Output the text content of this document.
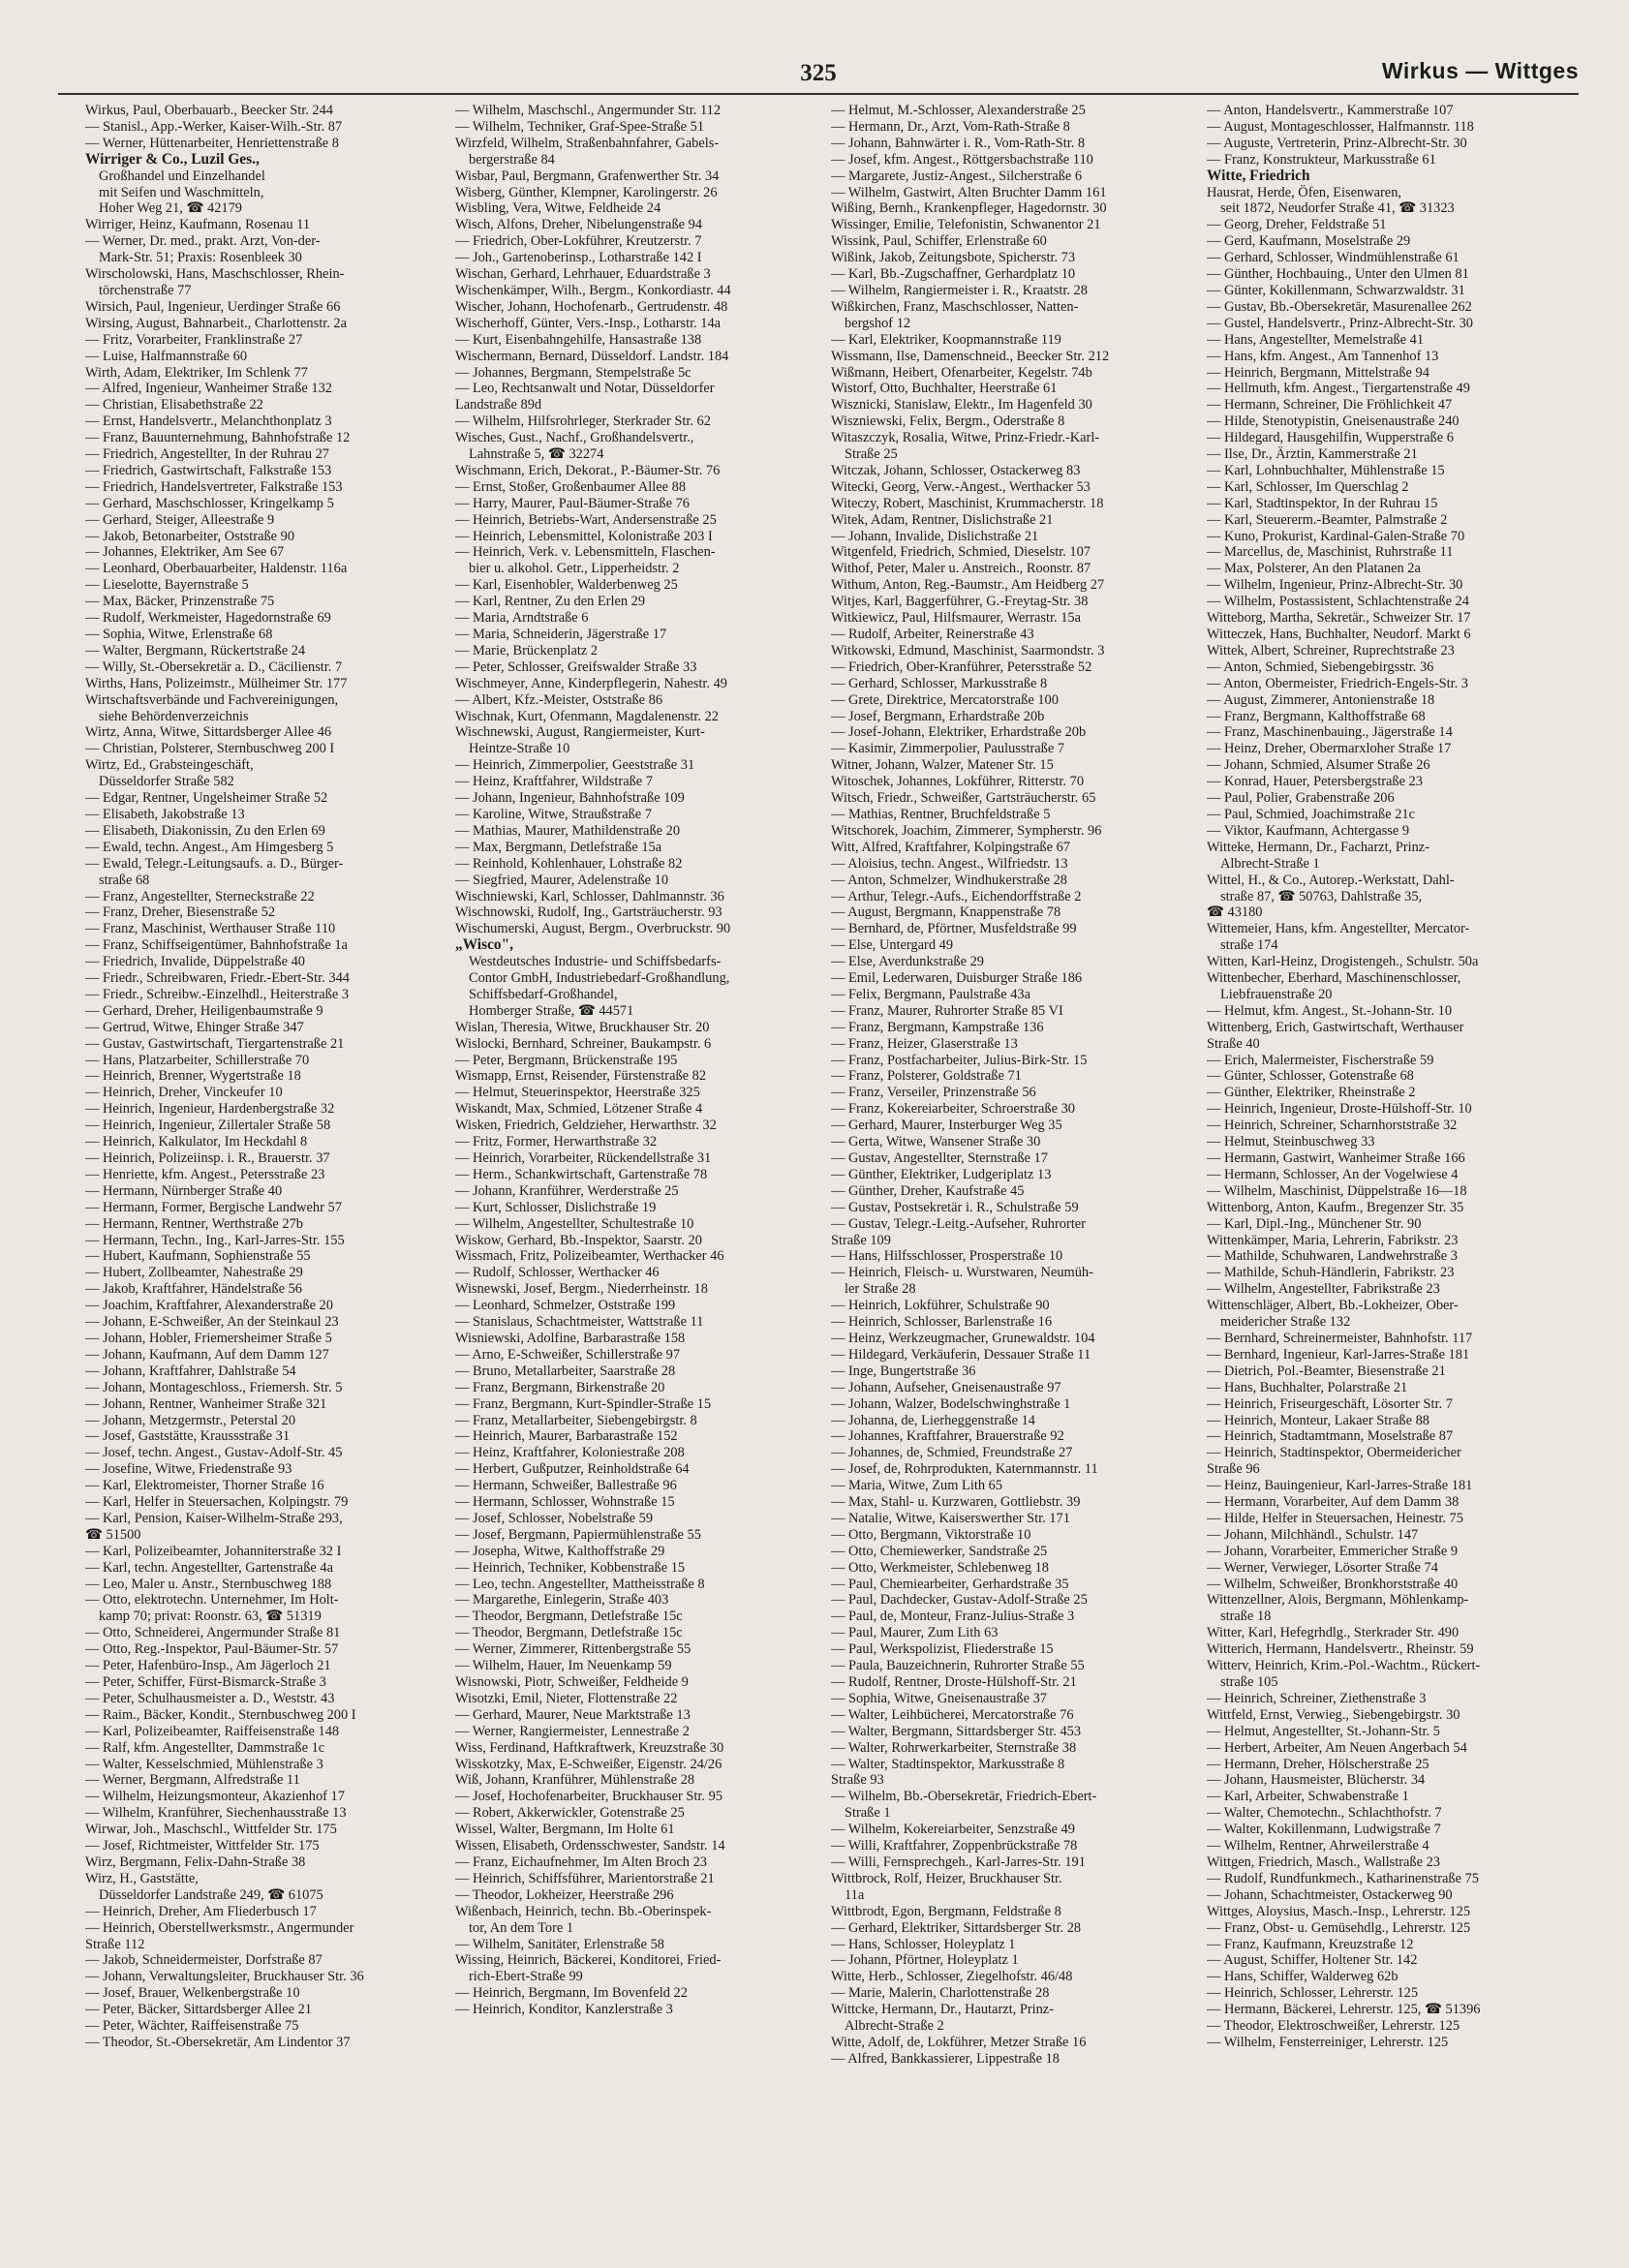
325	Wirkus — Wittges
Wirkus, Paul, Oberbauarb., Beecker Str. 244
— Stanisl., App.-Werker, Kaiser-Wilh.-Str. 87
— Werner, Hüttenarbeiter, Henriettenstraße 8
Wirriger & Co., Luzil Ges.,
Großhandel und Einzelhandel
mit Seifen und Waschmitteln,
Hoher Weg 21, ☎ 42179
Wirriger, Heinz, Kaufmann, Rosenau 11
— Werner, Dr. med., prakt. Arzt, Von-der-
Mark-Str. 51; Praxis: Rosenbleek 30
Wirscholowski, Hans, Maschschlosser, Rhein-
törchenstraße 77
Wirsich, Paul, Ingenieur, Uerdinger Straße 66
Wirsing, August, Bahnarbeit., Charlottenstr. 2a
— Fritz, Vorarbeiter, Franklinstraße 27
— Luise, Halfmannstraße 60
Wirth, Adam, Elektriker, Im Schlenk 77
— Alfred, Ingenieur, Wanheimer Straße 132
— Christian, Elisabethstraße 22
— Ernst, Handelsvertr., Melanchthonplatz 3
— Franz, Bauunternehmung, Bahnhofstraße 12
— Friedrich, Angestellter, In der Ruhrau 27
— Friedrich, Gastwirtschaft, Falkstraße 153
— Friedrich, Handelsvertreter, Falkstraße 153
— Gerhard, Maschschlosser, Kringelkamp 5
— Gerhard, Steiger, Alleestraße 9
— Jakob, Betonarbeiter, Oststraße 90
— Johannes, Elektriker, Am See 67
— Leonhard, Oberbauarbeiter, Haldenstr. 116a
— Lieselotte, Bayernstraße 5
— Max, Bäcker, Prinzenstraße 75
— Rudolf, Werkmeister, Hagedornstraße 69
— Sophia, Witwe, Erlenstraße 68
— Walter, Bergmann, Rückertstraße 24
— Willy, St.-Obersekretär a. D., Cäcilienstr. 7
Wirths, Hans, Polizeimstr., Mülheimer Str. 177
Wirtschaftsverbände und Fachvereinigungen,
siehe Behördenverzeichnis
Wirtz, Anna, Witwe, Sittardsberger Allee 46
— Christian, Polsterer, Sternbuschweg 200 I
Wirtz, Ed., Grabsteingeschäft,
Düsseldorfer Straße 582
— Edgar, Rentner, Ungelsheimer Straße 52
— Elisabeth, Jakobstraße 13
— Elisabeth, Diakonissin, Zu den Erlen 69
— Ewald, techn. Angest., Am Himgesberg 5
— Ewald, Telegr.-Leitungsaufs. a. D., Bürger-
straße 68
— Franz, Angestellter, Sterneckstraße 22
— Franz, Dreher, Biesenstraße 52
— Franz, Maschinist, Werthauser Straße 110
— Franz, Schiffseigentümer, Bahnhofstraße 1a
— Friedrich, Invalide, Düppelstraße 40
— Friedr., Schreibwaren, Friedr.-Ebert-Str. 344
— Friedr., Schreibw.-Einzelhdl., Heiterstraße 3
— Gerhard, Dreher, Heiligenbaumstraße 9
— Gertrud, Witwe, Ehinger Straße 347
— Gustav, Gastwirtschaft, Tiergartenstraße 21
— Hans, Platzarbeiter, Schillerstraße 70
— Heinrich, Brenner, Wygertstraße 18
— Heinrich, Dreher, Vinckeufer 10
— Heinrich, Ingenieur, Hardenbergstraße 32
— Heinrich, Ingenieur, Zillertaler Straße 58
— Heinrich, Kalkulator, Im Heckdahl 8
— Heinrich, Polizeiinsp. i. R., Brauerstr. 37
— Henriette, kfm. Angest., Petersstraße 23
— Hermann, Nürnberger Straße 40
— Hermann, Former, Bergische Landwehr 57
— Hermann, Rentner, Werthstraße 27b
— Hermann, Techn., Ing., Karl-Jarres-Str. 155
— Hubert, Kaufmann, Sophienstraße 55
— Hubert, Zollbeamter, Nahestraße 29
— Jakob, Kraftfahrer, Händelstraße 56
— Joachim, Kraftfahrer, Alexanderstraße 20
— Johann, E-Schweißer, An der Steinkaul 23
— Johann, Hobler, Friemersheimer Straße 5
— Johann, Kaufmann, Auf dem Damm 127
— Johann, Kraftfahrer, Dahlstraße 54
— Johann, Montageschloss., Friemersh. Str. 5
— Johann, Rentner, Wanheimer Straße 321
— Johann, Metzgermstr., Peterstal 20
— Josef, Gaststätte, Kraussstraße 31
— Josef, techn. Angest., Gustav-Adolf-Str. 45
— Josefine, Witwe, Friedenstraße 93
— Karl, Elektromeister, Thorner Straße 16
— Karl, Helfer in Steuersachen, Kolpingstr. 79
— Karl, Pension, Kaiser-Wilhelm-Straße 293,
☎ 51500
— Karl, Polizeibeamter, Johanniterstraße 32 I
— Karl, techn. Angestellter, Gartenstraße 4a
— Leo, Maler u. Anstr., Sternbuschweg 188
— Otto, elektrotechn. Unternehmer, Im Holt-
kamp 70; privat: Roonstr. 63, ☎ 51319
— Otto, Schneiderei, Angermunder Straße 81
— Otto, Reg.-Inspektor, Paul-Bäumer-Str. 57
— Peter, Hafenbüro-Insp., Am Jägerloch 21
— Peter, Schiffer, Fürst-Bismarck-Straße 3
— Peter, Schulhausmeister a. D., Weststr. 43
— Raim., Bäcker, Kondit., Sternbuschweg 200 I
— Karl, Polizeibeamter, Raiffeisenstraße 148
— Ralf, kfm. Angestellter, Dammstraße 1c
— Walter, Kesselschmied, Mühlenstraße 3
— Werner, Bergmann, Alfredstraße 11
— Wilhelm, Heizungsmonteur, Akazienhof 17
— Wilhelm, Kranführer, Siechenhausstraße 13
Wirwar, Joh., Maschschl., Wittfelder Str. 175
— Josef, Richtmeister, Wittfelder Str. 175
Wirz, Bergmann, Felix-Dahn-Straße 38
Wirz, H., Gaststätte,
Düsseldorfer Landstraße 249, ☎ 61075
— Heinrich, Dreher, Am Fliederbusch 17
— Heinrich, Oberstellwerksmstr., Angermunder
Straße 112
— Jakob, Schneidermeister, Dorfstraße 87
— Johann, Verwaltungsleiter, Bruckhauser Str. 36
— Josef, Brauer, Welkenbergstraße 10
— Peter, Bäcker, Sittardsberger Allee 21
— Peter, Wächter, Raiffeisenstraße 75
— Theodor, St.-Obersekretär, Am Lindentor 37
— Wilhelm, Maschschl., Angermunder Str. 112
— Wilhelm, Techniker, Graf-Spee-Straße 51
Wirzfeld, Wilhelm, Straßenbahnfahrer, Gabels-
bergerstraße 84
Wisbar, Paul, Bergmann, Grafenwerther Str. 34
Wisberg, Günther, Klempner, Karolingerstr. 26
Wisbling, Vera, Witwe, Feldheide 24
Wisch, Alfons, Dreher, Nibelungenstraße 94
— Friedrich, Ober-Lokführer, Kreutzerstr. 7
— Joh., Gartenoberinsp., Lotharstraße 142 I
Wischan, Gerhard, Lehrhauer, Eduardstraße 3
Wischenkämper, Wilh., Bergm., Konkordiastr. 44
Wischer, Johann, Hochofenarb., Gertrudenstr. 48
Wischerhoff, Günter, Vers.-Insp., Lotharstr. 14a
— Kurt, Eisenbahngehilfe, Hansastraße 138
Wischermann, Bernard, Düsseldorf. Landstr. 184
— Johannes, Bergmann, Stempelstraße 5c
— Leo, Rechtsanwalt und Notar, Düsseldorfer
Landstraße 89d
— Wilhelm, Hilfsrohrleger, Sterkrader Str. 62
Wisches, Gust., Nachf., Großhandelsvertr.,
Lahnstraße 5, ☎ 32274
Wischmann, Erich, Dekorat., P.-Bäumer-Str. 76
— Ernst, Stoßer, Großenbaumer Allee 88
— Harry, Maurer, Paul-Bäumer-Straße 76
— Heinrich, Betriebs-Wart, Andersenstraße 25
— Heinrich, Lebensmittel, Kolonistraße 203 I
— Heinrich, Verk. v. Lebensmitteln, Flaschen-
bier u. alkohol. Getr., Lipperheidstr. 2
— Karl, Eisenhobler, Walderbenweg 25
— Karl, Rentner, Zu den Erlen 29
— Maria, Arndtstraße 6
— Maria, Schneiderin, Jägerstraße 17
— Marie, Brückenplatz 2
— Peter, Schlosser, Greifswalder Straße 33
Wischmeyer, Anne, Kinderpflegerin, Nahestr. 49
— Albert, Kfz.-Meister, Oststraße 86
Wischnak, Kurt, Ofenmann, Magdalenenstr. 22
Wischnewski, August, Rangiermeister, Kurt-
Heintze-Straße 10
— Heinrich, Zimmerpolier, Geeststraße 31
— Heinz, Kraftfahrer, Wildstraße 7
— Johann, Ingenieur, Bahnhofstraße 109
— Karoline, Witwe, Straußstraße 7
— Mathias, Maurer, Mathildenstraße 20
— Max, Bergmann, Detlefstraße 15a
— Reinhold, Kohlenhauer, Lohstraße 82
— Siegfried, Maurer, Adelenstraße 10
Wischniewski, Karl, Schlosser, Dahlmannstr. 36
Wischnowski, Rudolf, Ing., Gartsträucherstr. 93
Wischumerski, August, Bergm., Overbruckstr. 90
„Wisco",
Westdeutsches Industrie- und Schiffsbedarfs-
Contor GmbH, Industriebedarf-Großhandlung,
Schiffsbedarf-Großhandel,
Homberger Straße, ☎ 44571
Wislan, Theresia, Witwe, Bruckhauser Str. 20
Wislocki, Bernhard, Schreiner, Baukampstr. 6
— Peter, Bergmann, Brückenstraße 195
Wismapp, Ernst, Reisender, Fürstenstraße 82
— Helmut, Steuerinspektor, Heerstraße 325
Wiskandt, Max, Schmied, Lötzener Straße 4
Wisken, Friedrich, Geldzieher, Herwarthstr. 32
— Fritz, Former, Herwarthstraße 32
— Heinrich, Vorarbeiter, Rückendellstraße 31
— Herm., Schankwirtschaft, Gartenstraße 78
— Johann, Kranführer, Werderstraße 25
— Kurt, Schlosser, Dislichstraße 19
— Wilhelm, Angestellter, Schultestraße 10
Wiskow, Gerhard, Bb.-Inspektor, Saarstr. 20
Wissmach, Fritz, Polizeibeamter, Werthacker 46
— Rudolf, Schlosser, Werthacker 46
Wisnewski, Josef, Bergm., Niederrheinstr. 18
— Leonhard, Schmelzer, Oststraße 199
— Stanislaus, Schachtmeister, Wattstraße 11
Wisniewski, Adolfine, Barbarastraße 158
— Arno, E-Schweißer, Schillerstraße 97
— Bruno, Metallarbeiter, Saarstraße 28
— Franz, Bergmann, Birkenstraße 20
— Franz, Bergmann, Kurt-Spindler-Straße 15
— Franz, Metallarbeiter, Siebengebirgstr. 8
— Heinrich, Maurer, Barbarastraße 152
— Heinz, Kraftfahrer, Koloniestraße 208
— Herbert, Gußputzer, Reinholdstraße 64
— Hermann, Schweißer, Ballestraße 96
— Hermann, Schlosser, Wohnstraße 15
— Josef, Schlosser, Nobelstraße 59
— Josef, Bergmann, Papiermühlenstraße 55
— Josepha, Witwe, Kalthoffstraße 29
— Heinrich, Techniker, Kobbenstraße 15
— Leo, techn. Angestellter, Mattheisstraße 8
— Margarethe, Einlegerin, Straße 403
— Theodor, Bergmann, Detlefstraße 15c
— Theodor, Bergmann, Detlefstraße 15c
— Werner, Zimmerer, Rittenbergstraße 55
— Wilhelm, Hauer, Im Neuenkamp 59
Wisnowski, Piotr, Schweißer, Feldheide 9
Wisotzki, Emil, Nieter, Flottenstraße 22
— Gerhard, Maurer, Neue Marktstraße 13
— Werner, Rangiermeister, Lennestraße 2
Wiss, Ferdinand, Haftkraftwerk, Kreuzstraße 30
Wisskotzky, Max, E-Schweißer, Eigenstr. 24/26
Wiß, Johann, Kranführer, Mühlenstraße 28
— Josef, Hochofenarbeiter, Bruckhauser Str. 95
— Robert, Akkerwickler, Gotenstraße 25
Wissel, Walter, Bergmann, Im Holte 61
Wissen, Elisabeth, Ordensschwester, Sandstr. 14
— Franz, Eichaufnehmer, Im Alten Broch 23
— Heinrich, Schiffsführer, Marientorstraße 21
— Theodor, Lokheizer, Heerstraße 296
Wißenbach, Heinrich, techn. Bb.-Oberinspek-
tor, An dem Tore 1
— Wilhelm, Sanitäter, Erlenstraße 58
Wissing, Heinrich, Bäckerei, Konditorei, Fried-
rich-Ebert-Straße 99
— Heinrich, Bergmann, Im Bovenfeld 22
— Heinrich, Konditor, Kanzlerstraße 3
— Helmut, M.-Schlosser, Alexanderstraße 25
— Hermann, Dr., Arzt, Vom-Rath-Straße 8
— Johann, Bahnwärter i. R., Vom-Rath-Str. 8
— Josef, kfm. Angest., Röttgersbachstraße 110
— Margarete, Justiz-Angest., Silcherstraße 6
— Wilhelm, Gastwirt, Alten Bruchter Damm 161
Wißing, Bernh., Krankenpfleger, Hagedornstr. 30
Wissinger, Emilie, Telefonistin, Schwanentor 21
Wissink, Paul, Schiffer, Erlenstraße 60
Wißink, Jakob, Zeitungsbote, Spicherstr. 73
— Karl, Bb.-Zugschaffner, Gerhardplatz 10
— Wilhelm, Rangiermeister i. R., Kraatstr. 28
Wißkirchen, Franz, Maschschlosser, Natten-
bergshof 12
— Karl, Elektriker, Koopmannstraße 119
Wissmann, Ilse, Damenschneid., Beecker Str. 212
Wißmann, Heibert, Ofenarbeiter, Kegelstr. 74b
Wistorf, Otto, Buchhalter, Heerstraße 61
Wisznicki, Stanislaw, Elektr., Im Hagenfeld 30
Wiszniewski, Felix, Bergm., Oderstraße 8
Witaszczyk, Rosalia, Witwe, Prinz-Friedr.-Karl-
Straße 25
Witczak, Johann, Schlosser, Ostackerweg 83
Witecki, Georg, Verw.-Angest., Werthacker 53
Witeczy, Robert, Maschinist, Krummacherstr. 18
Witek, Adam, Rentner, Dislichstraße 21
— Johann, Invalide, Dislichstraße 21
Witgenfeld, Friedrich, Schmied, Dieselstr. 107
Withof, Peter, Maler u. Anstreich., Roonstr. 87
Withum, Anton, Reg.-Baumstr., Am Heidberg 27
Witjes, Karl, Baggerführer, G.-Freytag-Str. 38
Witkiewicz, Paul, Hilfsmaurer, Werrastr. 15a
— Rudolf, Arbeiter, Reinerstraße 43
Witkowski, Edmund, Maschinist, Saarmondstr. 3
— Friedrich, Ober-Kranführer, Petersstraße 52
— Gerhard, Schlosser, Markusstraße 8
— Grete, Direktrice, Mercatorstraße 100
— Josef, Bergmann, Erhardstraße 20b
— Josef-Johann, Elektriker, Erhardstraße 20b
— Kasimir, Zimmerpolier, Paulusstraße 7
Witner, Johann, Walzer, Matener Str. 15
Witoschek, Johannes, Lokführer, Ritterstr. 70
Witsch, Friedr., Schweißer, Gartsträucherstr. 65
— Mathias, Rentner, Bruchfeldstraße 5
Witschorek, Joachim, Zimmerer, Sympherstr. 96
Witt, Alfred, Kraftfahrer, Kolpingstraße 67
— Aloisius, techn. Angest., Wilfriedstr. 13
— Anton, Schmelzer, Windhukerstraße 28
— Arthur, Telegr.-Aufs., Eichendorffstraße 2
— August, Bergmann, Knappenstraße 78
— Bernhard, de, Pförtner, Musfeldstraße 99
— Else, Untergard 49
— Else, Averdunkstraße 29
— Emil, Lederwaren, Duisburger Straße 186
— Felix, Bergmann, Paulstraße 43a
— Franz, Maurer, Ruhrorter Straße 85 VI
— Franz, Bergmann, Kampstraße 136
— Franz, Heizer, Glaserstraße 13
— Franz, Postfacharbeiter, Julius-Birk-Str. 15
— Franz, Polsterer, Goldstraße 71
— Franz, Verseiler, Prinzenstraße 56
— Franz, Kokereiarbeiter, Schroerstraße 30
— Gerhard, Maurer, Insterburger Weg 35
— Gerta, Witwe, Wansener Straße 30
— Gustav, Angestellter, Sternstraße 17
— Günther, Elektriker, Ludgeriplatz 13
— Günther, Dreher, Kaufstraße 45
— Gustav, Postsekretär i. R., Schulstraße 59
— Gustav, Telegr.-Leitg.-Aufseher, Ruhrorter
Straße 109
— Hans, Hilfsschlosser, Prosperstraße 10
— Heinrich, Fleisch- u. Wurstwaren, Neumüh-
ler Straße 28
— Heinrich, Lokführer, Schulstraße 90
— Heinrich, Schlosser, Barlenstraße 16
— Heinz, Werkzeugmacher, Grunewaldstr. 104
— Hildegard, Verkäuferin, Dessauer Straße 11
— Inge, Bungertstraße 36
— Johann, Aufseher, Gneisenaustraße 97
— Johann, Walzer, Bodelschwinghstraße 1
— Johanna, de, Lierheggenstraße 14
— Johannes, Kraftfahrer, Brauerstraße 92
— Johannes, de, Schmied, Freundstraße 27
— Josef, de, Rohrprodukten, Katernmannstr. 11
— Maria, Witwe, Zum Lith 65
— Max, Stahl- u. Kurzwaren, Gottliebstr. 39
— Natalie, Witwe, Kaiserswerther Str. 171
— Otto, Bergmann, Viktorstraße 10
— Otto, Chemiewerker, Sandstraße 25
— Otto, Werkmeister, Schlebenweg 18
— Paul, Chemiearbeiter, Gerhardstraße 35
— Paul, Dachdecker, Gustav-Adolf-Straße 25
— Paul, de, Monteur, Franz-Julius-Straße 3
— Paul, Maurer, Zum Lith 63
— Paul, Werkspolizist, Fliederstraße 15
— Paula, Bauzeichnerin, Ruhrorter Straße 55
— Rudolf, Rentner, Droste-Hülshoff-Str. 21
— Sophia, Witwe, Gneisenaustraße 37
— Walter, Leihbücherei, Mercatorstraße 76
— Walter, Bergmann, Sittardsberger Str. 453
— Walter, Rohrwerkarbeiter, Sternstraße 38
— Walter, Stadtinspektor, Markusstraße 8
Straße 93
— Wilhelm, Bb.-Obersekretär, Friedrich-Ebert-
Straße 1
— Wilhelm, Kokereiarbeiter, Senzstraße 49
— Willi, Kraftfahrer, Zoppenbrückstraße 78
— Willi, Fernsprechgeh., Karl-Jarres-Str. 191
Wittbrock, Rolf, Heizer, Bruckhauser Str.
11a
Wittbrodt, Egon, Bergmann, Feldstraße 8
— Gerhard, Elektriker, Sittardsberger Str. 28
— Hans, Schlosser, Holeyplatz 1
— Johann, Pförtner, Holeyplatz 1
Witte, Herb., Schlosser, Ziegelhofstr. 46/48
— Marie, Malerin, Charlottenstraße 28
Wittcke, Hermann, Dr., Hautarzt, Prinz-
Albrecht-Straße 2
Witte, Adolf, de, Lokführer, Metzer Straße 16
— Alfred, Bankkassierer, Lippestraße 18
— Anton, Handelsvertr., Kammerstraße 107
— August, Montageschlosser, Halfmannstr. 118
— Auguste, Vertreterin, Prinz-Albrecht-Str. 30
— Franz, Konstrukteur, Markusstraße 61
Witte, Friedrich
Hausrat, Herde, Öfen, Eisenwaren,
seit 1872, Neudorfer Straße 41, ☎ 31323
— Georg, Dreher, Feldstraße 51
— Gerd, Kaufmann, Moselstraße 29
— Gerhard, Schlosser, Windmühlenstraße 61
— Günther, Hochbauing., Unter den Ulmen 81
— Günter, Kokillenmann, Schwarzwaldstr. 31
— Gustav, Bb.-Obersekretär, Masurenallee 262
— Gustel, Handelsvertr., Prinz-Albrecht-Str. 30
— Hans, Angestellter, Memelstraße 41
— Hans, kfm. Angest., Am Tannenhof 13
— Heinrich, Bergmann, Mittelstraße 94
— Hellmuth, kfm. Angest., Tiergartenstraße 49
— Hermann, Schreiner, Die Fröhlichkeit 47
— Hilde, Stenotypistin, Gneisenaustraße 240
— Hildegard, Hausgehilfin, Wupperstraße 6
— Ilse, Dr., Ärztin, Kammerstraße 21
— Karl, Lohnbuchhalter, Mühlenstraße 15
— Karl, Schlosser, Im Querschlag 2
— Karl, Stadtinspektor, In der Ruhrau 15
— Karl, Steuererm.-Beamter, Palmstraße 2
— Kuno, Prokurist, Kardinal-Galen-Straße 70
— Marcellus, de, Maschinist, Ruhrstraße 11
— Max, Polsterer, An den Platanen 2a
— Wilhelm, Ingenieur, Prinz-Albrecht-Str. 30
— Wilhelm, Postassistent, Schlachtenstraße 24
Witteborg, Martha, Sekretär., Schweizer Str. 17
Witteczek, Hans, Buchhalter, Neudorf. Markt 6
Wittek, Albert, Schreiner, Ruprechtstraße 23
— Anton, Schmied, Siebengebirgsstr. 36
— Anton, Obermeister, Friedrich-Engels-Str. 3
— August, Zimmerer, Antonienstraße 18
— Franz, Bergmann, Kalthoffstraße 68
— Franz, Maschinenbauing., Jägerstraße 14
— Heinz, Dreher, Obermarxloher Straße 17
— Johann, Schmied, Alsumer Straße 26
— Konrad, Hauer, Petersbergstraße 23
— Paul, Polier, Grabenstraße 206
— Paul, Schmied, Joachimstraße 21c
— Viktor, Kaufmann, Achtergasse 9
Witteke, Hermann, Dr., Facharzt, Prinz-
Albrecht-Straße 1
Wittel, H., & Co., Autorep.-Werkstatt, Dahl-
straße 87, ☎ 50763, Dahlstraße 35,
☎ 43180
Wittemeier, Hans, kfm. Angestellter, Mercator-
straße 174
Witten, Karl-Heinz, Drogistengeh., Schulstr. 50a
Wittenbecher, Eberhard, Maschinenschlosser,
Liebfrauenstraße 20
— Helmut, kfm. Angest., St.-Johann-Str. 10
Wittenberg, Erich, Gastwirtschaft, Werthauser
Straße 40
— Erich, Malermeister, Fischerstraße 59
— Günter, Schlosser, Gotenstraße 68
— Günther, Elektriker, Rheinstraße 2
— Heinrich, Ingenieur, Droste-Hülshoff-Str. 10
— Heinrich, Schreiner, Scharnhorststraße 32
— Helmut, Steinbuschweg 33
— Hermann, Gastwirt, Wanheimer Straße 166
— Hermann, Schlosser, An der Vogelwiese 4
— Wilhelm, Maschinist, Düppelstraße 16—18
Wittenborg, Anton, Kaufm., Bregenzer Str. 35
— Karl, Dipl.-Ing., Münchener Str. 90
Wittenkämper, Maria, Lehrerin, Fabrikstr. 23
— Mathilde, Schuhwaren, Landwehrstraße 3
— Mathilde, Schuh-Händlerin, Fabrikstr. 23
— Wilhelm, Angestellter, Fabrikstraße 23
Wittenschläger, Albert, Bb.-Lokheizer, Ober-
meidericher Straße 132
— Bernhard, Schreinermeister, Bahnhofstr. 117
— Bernhard, Ingenieur, Karl-Jarres-Straße 181
— Dietrich, Pol.-Beamter, Biesenstraße 21
— Hans, Buchhalter, Polarstraße 21
— Heinrich, Friseurgeschäft, Lösorter Str. 7
— Heinrich, Monteur, Lakaer Straße 88
— Heinrich, Stadtamtmann, Moselstraße 87
— Heinrich, Stadtinspektor, Obermeidericher
Straße 96
— Heinz, Bauingenieur, Karl-Jarres-Straße 181
— Hermann, Vorarbeiter, Auf dem Damm 38
— Hilde, Helfer in Steuersachen, Heinestr. 75
— Johann, Milchhändl., Schulstr. 147
— Johann, Vorarbeiter, Emmericher Straße 9
— Werner, Verwieger, Lösorter Straße 74
— Wilhelm, Schweißer, Bronkhorststraße 40
Wittenzellner, Alois, Bergmann, Möhlenkamp-
straße 18
Witter, Karl, Hefegrhdlg., Sterkrader Str. 490
Witterich, Hermann, Handelsvertr., Rheinstr. 59
Witterv, Heinrich, Krim.-Pol.-Wachtm., Rückert-
straße 105
— Heinrich, Schreiner, Ziethenstraße 3
Wittfeld, Ernst, Verwieg., Siebengebirgstr. 30
— Helmut, Angestellter, St.-Johann-Str. 5
— Herbert, Arbeiter, Am Neuen Angerbach 54
— Hermann, Dreher, Hölscherstraße 25
— Johann, Hausmeister, Blücherstr. 34
— Karl, Arbeiter, Schwabenstraße 1
— Walter, Chemotechn., Schlachthofstr. 7
— Walter, Kokillenmann, Ludwigstraße 7
— Wilhelm, Rentner, Ahrweilerstraße 4
Wittgen, Friedrich, Masch., Wallstraße 23
— Rudolf, Rundfunkmech., Katharinenstraße 75
— Johann, Schachtmeister, Ostackerweg 90
Wittges, Aloysius, Masch.-Insp., Lehrerstr. 125
— Franz, Obst- u. Gemüsehdlg., Lehrerstr. 125
— Franz, Kaufmann, Kreuzstraße 12
— August, Schiffer, Holtener Str. 142
— Hans, Schiffer, Walderweg 62b
— Heinrich, Schlosser, Lehrerstr. 125
— Hermann, Bäckerei, Lehrerstr. 125, ☎ 51396
— Theodor, Elektroschweißer, Lehrerstr. 125
— Wilhelm, Fensterreiniger, Lehrerstr. 125
